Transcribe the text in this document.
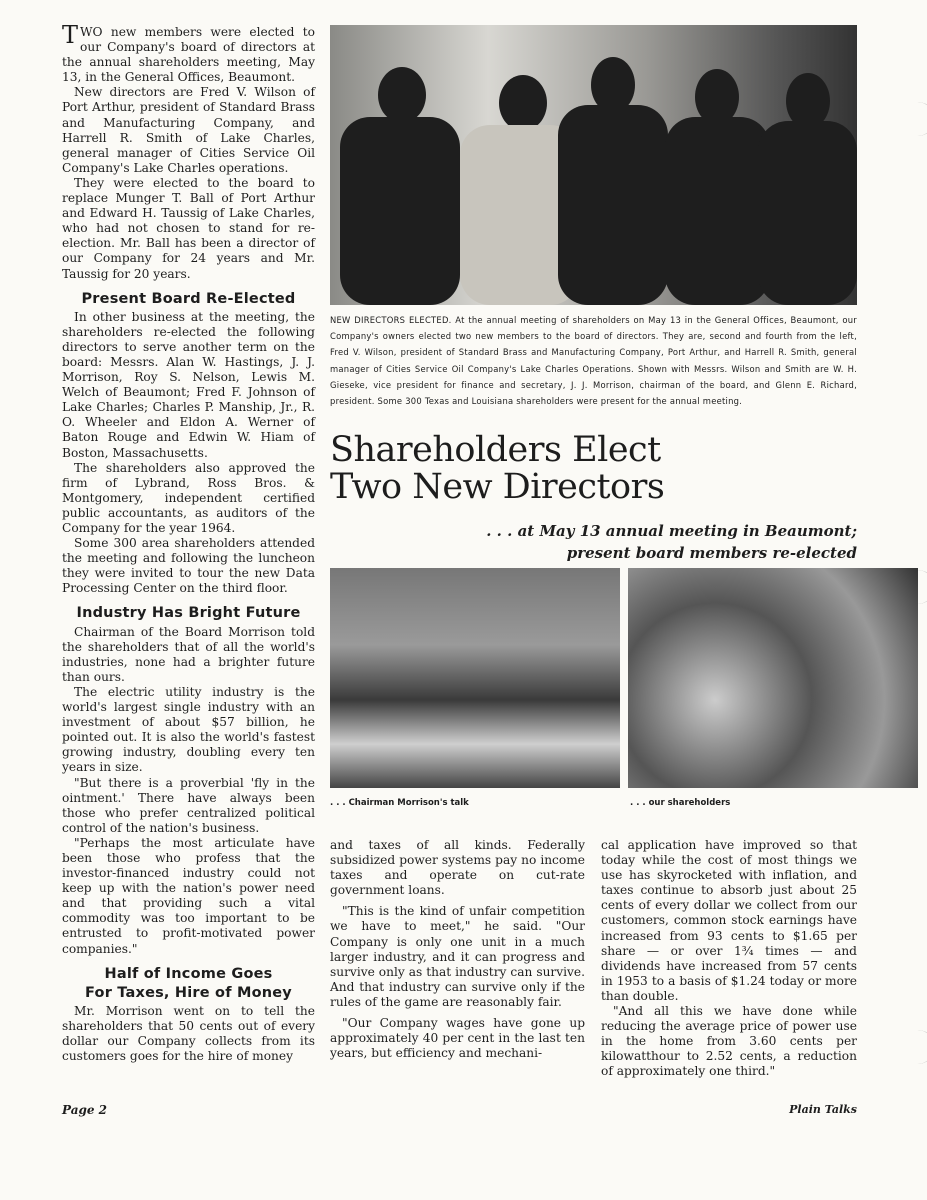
TWO new members were elected to our Company's board of directors at the annual shareholders meeting, May 13, in the General Offices, Beaumont.

New directors are Fred V. Wilson of Port Arthur, president of Standard Brass and Manufacturing Company, and Harrell R. Smith of Lake Charles, general manager of Cities Service Oil Company's Lake Charles operations.

They were elected to the board to replace Munger T. Ball of Port Arthur and Edward H. Taussig of Lake Charles, who had not chosen to stand for re-election. Mr. Ball has been a director of our Company for 24 years and Mr. Taussig for 20 years.

Present Board Re-Elected

In other business at the meeting, the shareholders re-elected the following directors to serve another term on the board: Messrs. Alan W. Hastings, J. J. Morrison, Roy S. Nelson, Lewis M. Welch of Beaumont; Fred F. Johnson of Lake Charles; Charles P. Manship, Jr., R. O. Wheeler and Eldon A. Werner of Baton Rouge and Edwin W. Hiam of Boston, Massachusetts.

The shareholders also approved the firm of Lybrand, Ross Bros. & Montgomery, independent certified public accountants, as auditors of the Company for the year 1964.

Some 300 area shareholders attended the meeting and following the luncheon they were invited to tour the new Data Processing Center on the third floor.

Industry Has Bright Future

Chairman of the Board Morrison told the shareholders that of all the world's industries, none had a brighter future than ours.

The electric utility industry is the world's largest single industry with an investment of about $57 billion, he pointed out. It is also the world's fastest growing industry, doubling every ten years in size.

"But there is a proverbial 'fly in the ointment.' There have always been those who prefer centralized political control of the nation's business.

"Perhaps the most articulate have been those who profess that the investor-financed industry could not keep up with the nation's power need and that providing such a vital commodity was too important to be entrusted to profit-motivated power companies."

Half of Income Goes
For Taxes, Hire of Money

Mr. Morrison went on to tell the shareholders that 50 cents out of every dollar our Company collects from its customers goes for the hire of money

NEW DIRECTORS ELECTED. At the annual meeting of shareholders on May 13 in the General Offices, Beaumont, our Company's owners elected two new members to the board of directors. They are, second and fourth from the left, Fred V. Wilson, president of Standard Brass and Manufacturing Company, Port Arthur, and Harrell R. Smith, general manager of Cities Service Oil Company's Lake Charles Operations. Shown with Messrs. Wilson and Smith are W. H. Gieseke, vice president for finance and secretary, J. J. Morrison, chairman of the board, and Glenn E. Richard, president. Some 300 Texas and Louisiana shareholders were present for the annual meeting.
Shareholders Elect
Two New Directors
. . . at May 13 annual meeting in Beaumont;
present board members re-elected
. . . Chairman Morrison's talk	. . . our shareholders

and taxes of all kinds. Federally subsidized power systems pay no income taxes and operate on cut-rate government loans.

"This is the kind of unfair competition we have to meet," he said. "Our Company is only one unit in a much larger industry, and it can progress and survive only as that industry can survive. And that industry can survive only if the rules of the game are reasonably fair.

"Our Company wages have gone up approximately 40 per cent in the last ten years, but efficiency and mechani-

cal application have improved so that today while the cost of most things we use has skyrocketed with inflation, and taxes continue to absorb just about 25 cents of every dollar we collect from our customers, common stock earnings have increased from 93 cents to $1.65 per share — or over 1¾ times — and dividends have increased from 57 cents in 1953 to a basis of $1.24 today or more than double.

"And all this we have done while reducing the average price of power use in the home from 3.60 cents per kilowatthour to 2.52 cents, a reduction of approximately one third."

Page 2	Plain Talks
